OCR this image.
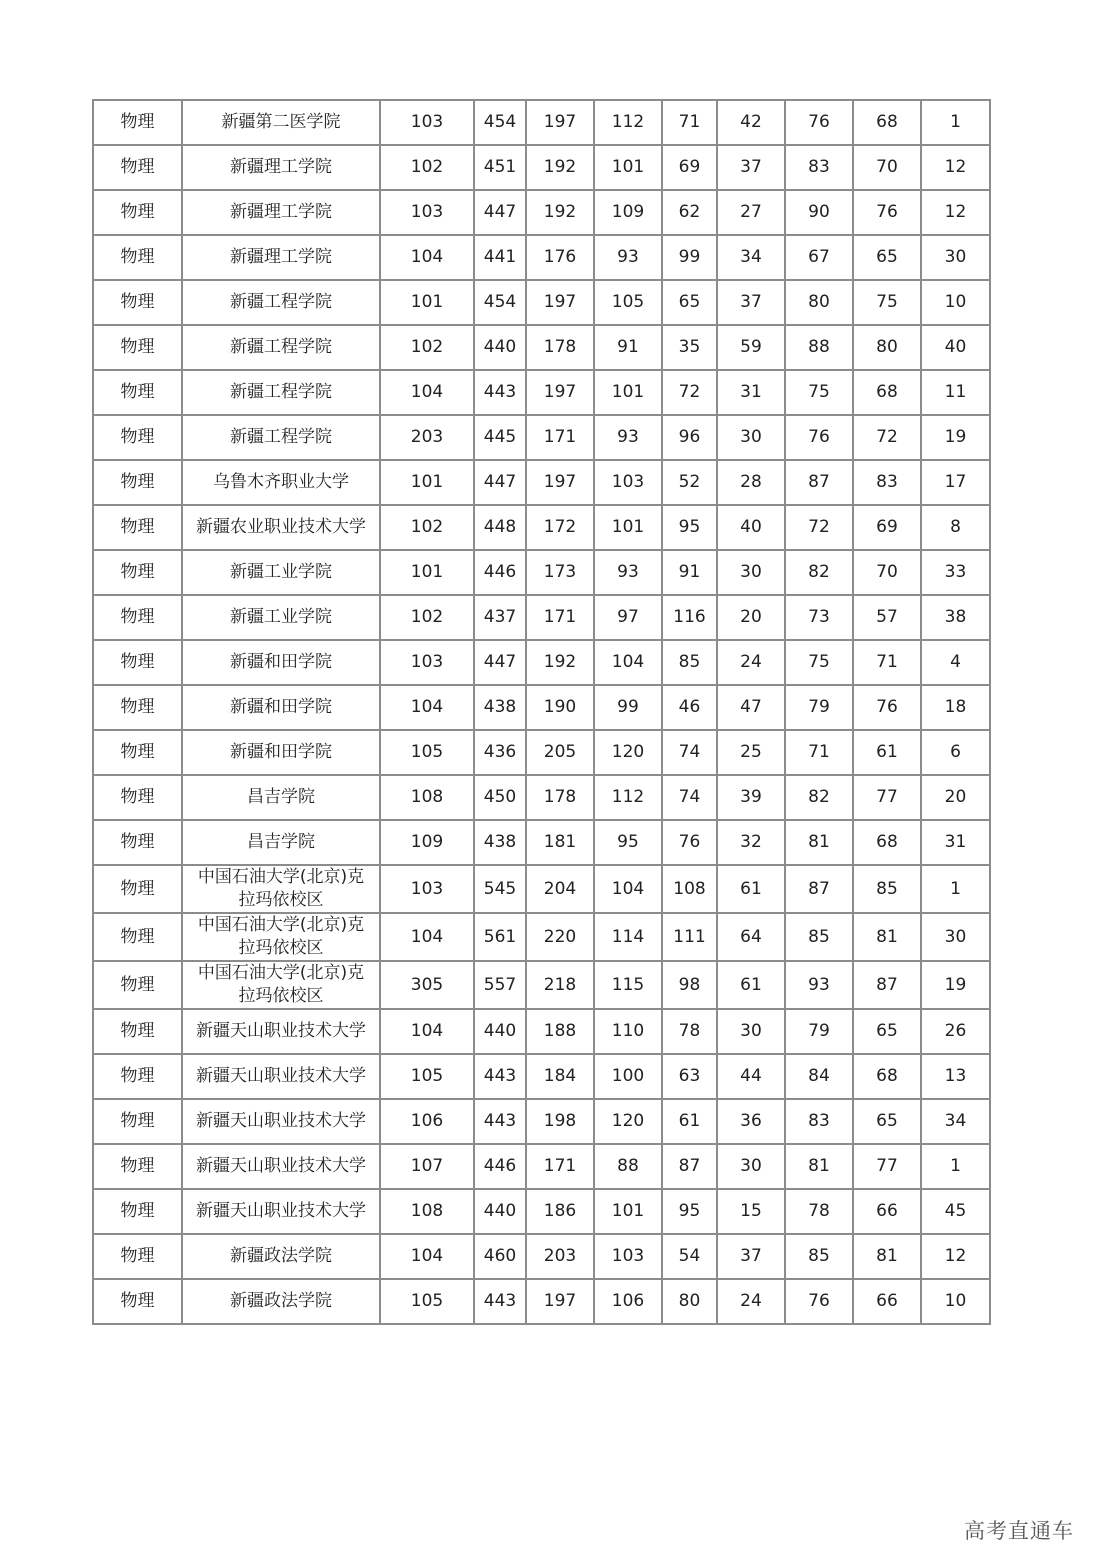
物理	新疆第二医学院	103	454	197	112	71	42	76	68	1
物理	新疆理工学院	102	451	192	101	69	37	83	70	12
物理	新疆理工学院	103	447	192	109	62	27	90	76	12
物理	新疆理工学院	104	441	176	93	99	34	67	65	30
物理	新疆工程学院	101	454	197	105	65	37	80	75	10
物理	新疆工程学院	102	440	178	91	35	59	88	80	40
物理	新疆工程学院	104	443	197	101	72	31	75	68	11
物理	新疆工程学院	203	445	171	93	96	30	76	72	19
物理	乌鲁木齐职业大学	101	447	197	103	52	28	87	83	17
物理	新疆农业职业技术大学	102	448	172	101	95	40	72	69	8
物理	新疆工业学院	101	446	173	93	91	30	82	70	33
物理	新疆工业学院	102	437	171	97	116	20	73	57	38
物理	新疆和田学院	103	447	192	104	85	24	75	71	4
物理	新疆和田学院	104	438	190	99	46	47	79	76	18
物理	新疆和田学院	105	436	205	120	74	25	71	61	6
物理	昌吉学院	108	450	178	112	74	39	82	77	20
物理	昌吉学院	109	438	181	95	76	32	81	68	31
物理	中国石油大学(北京)克拉玛依校区	103	545	204	104	108	61	87	85	1
物理	中国石油大学(北京)克拉玛依校区	104	561	220	114	111	64	85	81	30
物理	中国石油大学(北京)克拉玛依校区	305	557	218	115	98	61	93	87	19
物理	新疆天山职业技术大学	104	440	188	110	78	30	79	65	26
物理	新疆天山职业技术大学	105	443	184	100	63	44	84	68	13
物理	新疆天山职业技术大学	106	443	198	120	61	36	83	65	34
物理	新疆天山职业技术大学	107	446	171	88	87	30	81	77	1
物理	新疆天山职业技术大学	108	440	186	101	95	15	78	66	45
物理	新疆政法学院	104	460	203	103	54	37	85	81	12
物理	新疆政法学院	105	443	197	106	80	24	76	66	10
高考直通车
